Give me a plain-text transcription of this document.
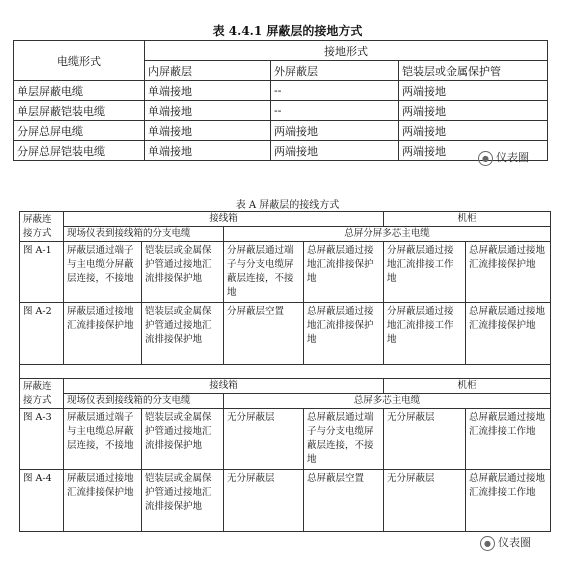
表 4.4.1 屏蔽层的接地方式
电缆形式	接地形式		
	内屏蔽层	外屏蔽层	铠装层或金属保护管
单层屏蔽电缆	单端接地	--	两端接地
单层屏蔽铠装电缆	单端接地	--	两端接地
分屏总屏电缆	单端接地	两端接地	两端接地
分屏总屏铠装电缆	单端接地	两端接地	两端接地
● 仪表圈
表 A 屏蔽层的接线方式
屏蔽连接方式	接线箱				机柜	
	现场仪表到接线箱的分支电缆		总屏分屏多芯主电缆			
图 A-1	屏蔽层通过端子与主电缆分屏蔽层连接，不接地	铠装层或金属保护管通过接地汇流排接保护地	分屏蔽层通过端子与分支电缆屏蔽层连接，不接地	总屏蔽层通过接地汇流排接保护地	分屏蔽层通过接地汇流排接工作地	总屏蔽层通过接地汇流排接保护地
图 A-2	屏蔽层通过接地汇流排接保护地	铠装层或金属保护管通过接地汇流排接保护地	分屏蔽层空置	总屏蔽层通过接地汇流排接保护地	分屏蔽层通过接地汇流排接工作地	总屏蔽层通过接地汇流排接保护地

屏蔽连接方式	接线箱				机柜	
	现场仪表到接线箱的分支电缆		总屏多芯主电缆			
图 A-3	屏蔽层通过端子与主电缆总屏蔽层连接，不接地	铠装层或金属保护管通过接地汇流排接保护地	无分屏蔽层	总屏蔽层通过端子与分支电缆屏蔽层连接，不接地	无分屏蔽层	总屏蔽层通过接地汇流排接工作地
图 A-4	屏蔽层通过接地汇流排接保护地	铠装层或金属保护管通过接地汇流排接保护地	无分屏蔽层	总屏蔽层空置	无分屏蔽层	总屏蔽层通过接地汇流排接工作地
● 仪表圈
